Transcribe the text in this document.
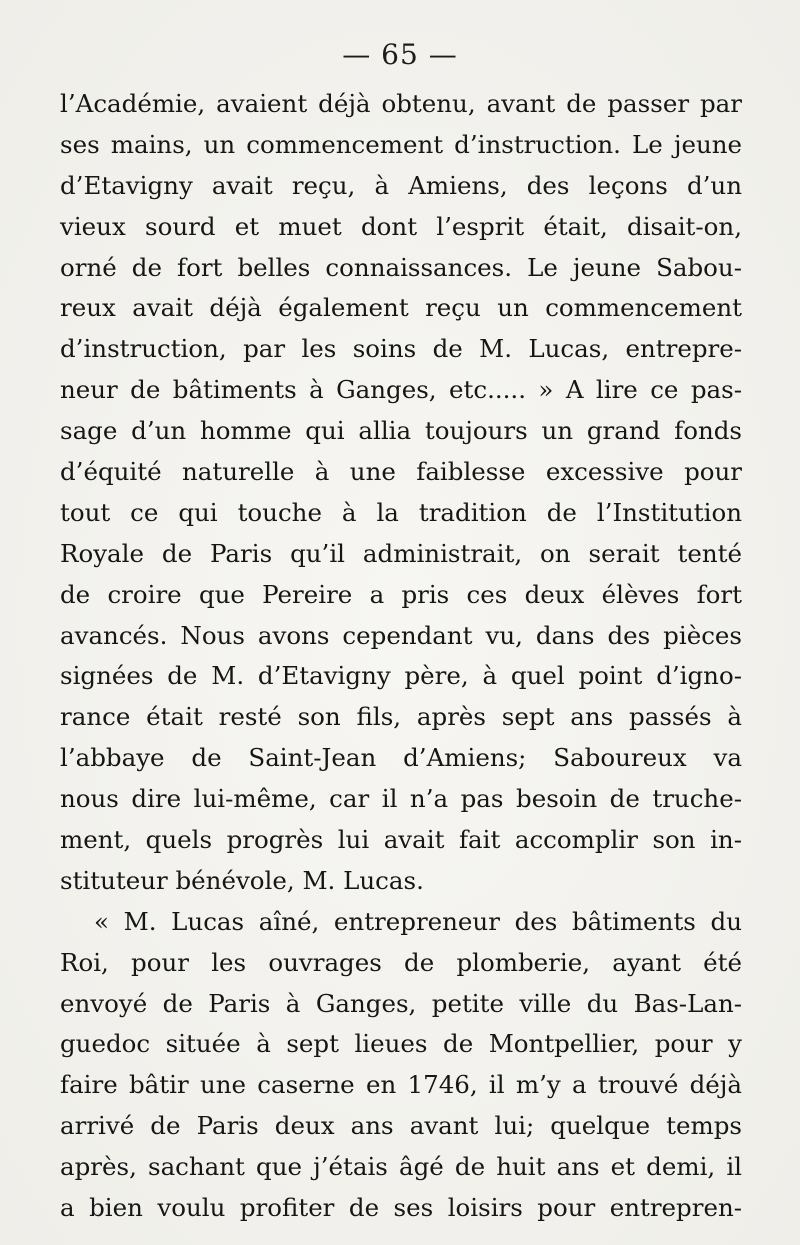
— 65 —
l’Académie, avaient déjà obtenu, avant de passer par
ses mains, un commencement d’instruction. Le jeune
d’Etavigny avait reçu, à Amiens, des leçons d’un
vieux sourd et muet dont l’esprit était, disait-on,
orné de fort belles connaissances. Le jeune Sabou-
reux avait déjà également reçu un commencement
d’instruction, par les soins de M. Lucas, entrepre-
neur de bâtiments à Ganges, etc..... » A lire ce pas-
sage d’un homme qui allia toujours un grand fonds
d’équité naturelle à une faiblesse excessive pour
tout ce qui touche à la tradition de l’Institution
Royale de Paris qu’il administrait, on serait tenté
de croire que Pereire a pris ces deux élèves fort
avancés. Nous avons cependant vu, dans des pièces
signées de M. d’Etavigny père, à quel point d’igno-
rance était resté son fils, après sept ans passés à
l’abbaye de Saint-Jean d’Amiens; Saboureux va
nous dire lui-même, car il n’a pas besoin de truche-
ment, quels progrès lui avait fait accomplir son in-
stituteur bénévole, M. Lucas.
« M. Lucas aîné, entrepreneur des bâtiments du
Roi, pour les ouvrages de plomberie, ayant été
envoyé de Paris à Ganges, petite ville du Bas-Lan-
guedoc située à sept lieues de Montpellier, pour y
faire bâtir une caserne en 1746, il m’y a trouvé déjà
arrivé de Paris deux ans avant lui; quelque temps
après, sachant que j’étais âgé de huit ans et demi, il
a bien voulu profiter de ses loisirs pour entrepren-
